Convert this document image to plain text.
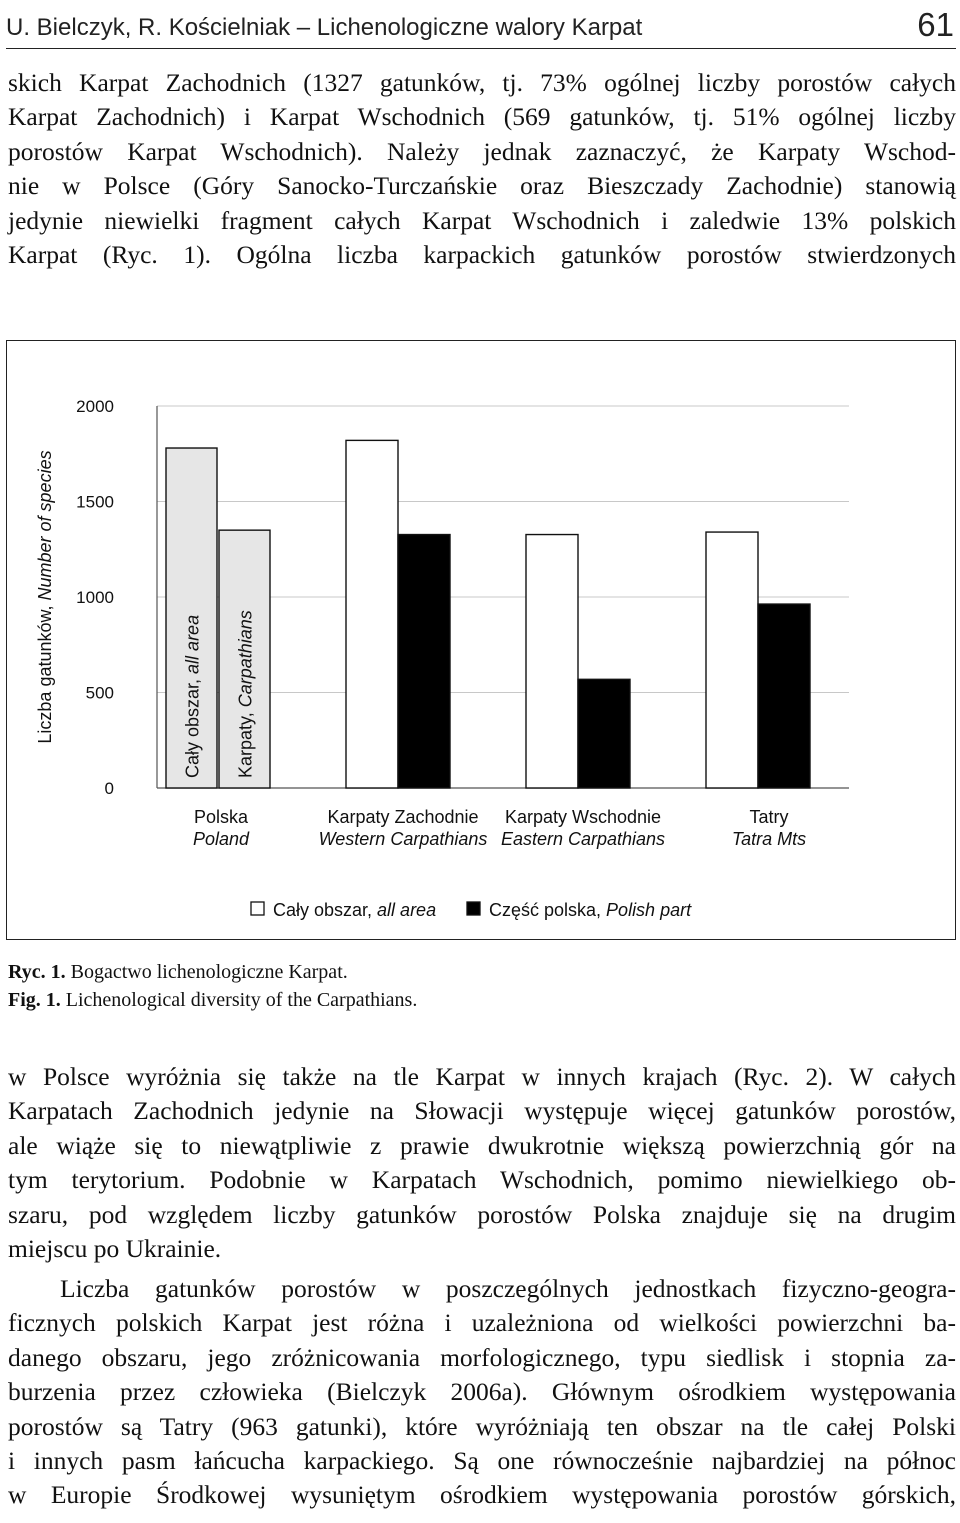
U. Bielczyk, R. Kościelniak – Lichenologiczne walory Karpat	61
skich Karpat Zachodnich (1327 gatunków, tj. 73% ogólnej liczby porostów całych
Karpat Zachodnich) i Karpat Wschodnich (569 gatunków, tj. 51% ogólnej liczby
porostów Karpat Wschodnich). Należy jednak zaznaczyć, że Karpaty Wschod-
nie w Polsce (Góry Sanocko-Turczańskie oraz Bieszczady Zachodnie) stanowią
jedynie niewielki fragment całych Karpat Wschodnich i zaledwie 13% polskich
Karpat (Ryc. 1). Ogólna liczba karpackich gatunków porostów stwierdzonych
0
500
1000
1500
2000
Liczba gatunków, Number of species
Cały obszar, all area
Karpaty, Carpathians
Polska
Poland
Karpaty Zachodnie
Western Carpathians
Karpaty Wschodnie
Eastern Carpathians
Tatry
Tatra Mts
Cały obszar, all area	Część polska, Polish part
Ryc. 1. Bogactwo lichenologiczne Karpat.
Fig. 1. Lichenological diversity of the Carpathians.
w Polsce wyróżnia się także na tle Karpat w innych krajach (Ryc. 2). W całych
Karpatach Zachodnich jedynie na Słowacji występuje więcej gatunków porostów,
ale wiąże się to niewątpliwie z prawie dwukrotnie większą powierzchnią gór na
tym terytorium. Podobnie w Karpatach Wschodnich, pomimo niewielkiego ob-
szaru, pod względem liczby gatunków porostów Polska znajduje się na drugim
miejscu po Ukrainie.
Liczba gatunków porostów w poszczególnych jednostkach fizyczno-geogra-
ficznych polskich Karpat jest różna i uzależniona od wielkości powierzchni ba-
danego obszaru, jego zróżnicowania morfologicznego, typu siedlisk i stopnia za-
burzenia przez człowieka (Bielczyk 2006a). Głównym ośrodkiem występowania
porostów są Tatry (963 gatunki), które wyróżniają ten obszar na tle całej Polski
i innych pasm łańcucha karpackiego. Są one równocześnie najbardziej na północ
w Europie Środkowej wysuniętym ośrodkiem występowania porostów górskich,
